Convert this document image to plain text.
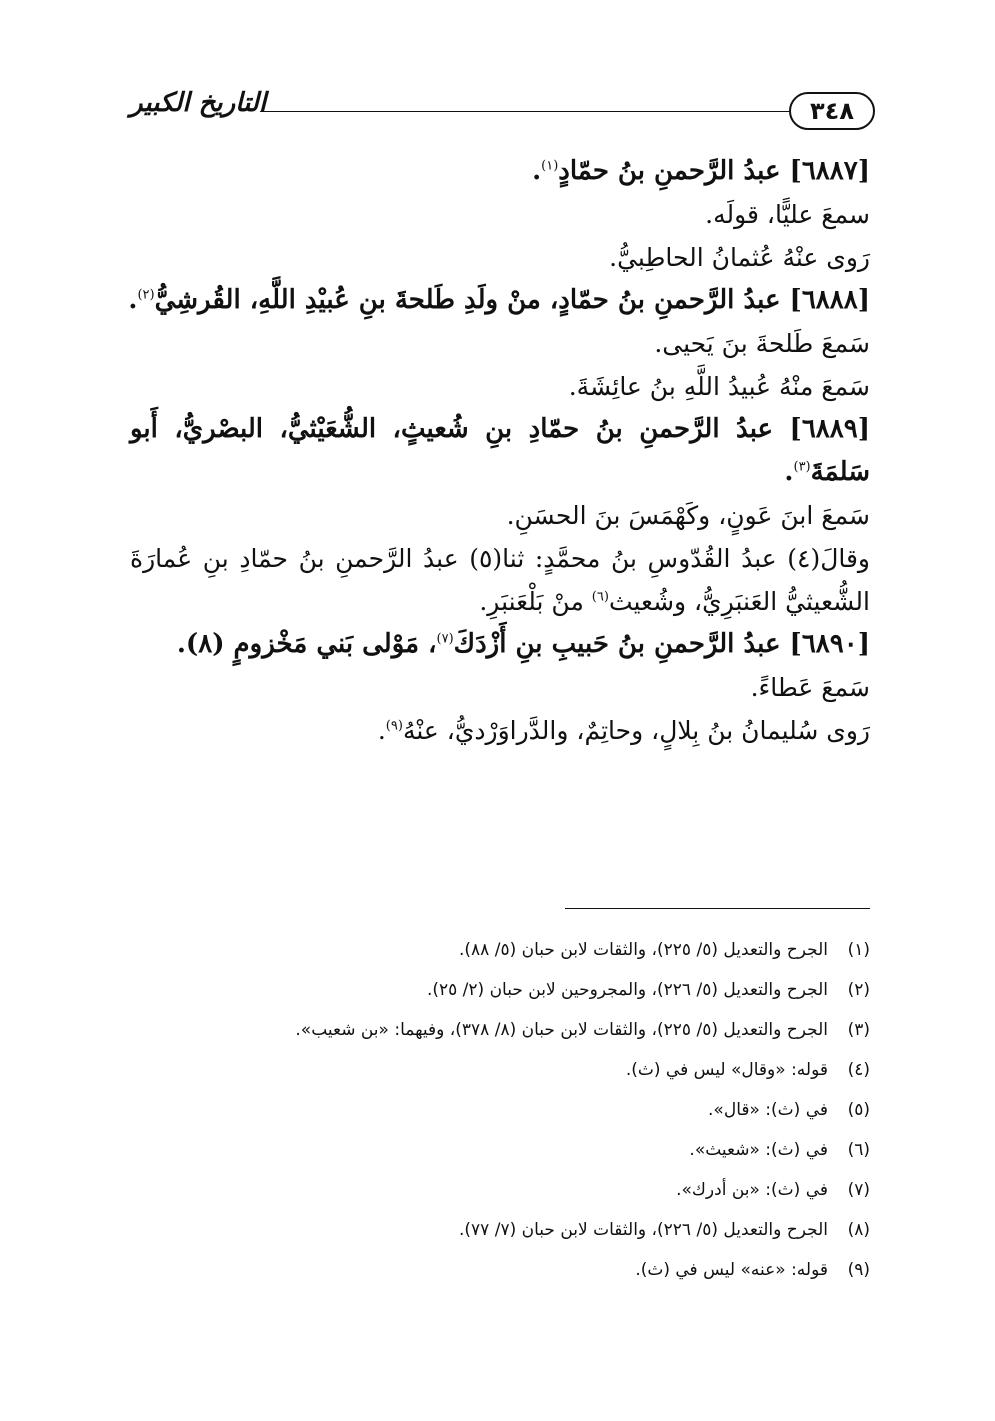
٣٤٨
التاريخ الكبير
[٦٨٨٧] عبدُ الرَّحمنِ بنُ حمّادٍ$^{(١)}$.
سمعَ عليًّا، قولَه.
رَوى عنْهُ عُثمانُ الحاطِبيُّ.
[٦٨٨٨] عبدُ الرَّحمنِ بنُ حمّادٍ، منْ ولَدِ طَلحةَ بنِ عُبيْدِ اللَّهِ، القُرشِيُّ$^{(٢)}$.
سَمعَ طَلحةَ بنَ يَحيى.
سَمعَ منْهُ عُبيدُ اللَّهِ بنُ عائِشَةَ.
[٦٨٨٩] عبدُ الرَّحمنِ بنُ حمّادِ بنِ شُعيثٍ، الشُّعَيْثيُّ، البصْريُّ، أَبو
سَلمَةَ$^{(٣)}$.
سَمعَ ابنَ عَونٍ، وكَهْمَسَ بنَ الحسَنِ.
وقالَ(٤) عبدُ القُدّوسِ بنُ محمَّدٍ: ثنا(٥) عبدُ الرَّحمنِ بنُ حمّادِ بنِ عُمارَةَ
الشُّعيثيُّ العَنبَرِيُّ، وشُعيث$^{(٦)}$ منْ بَلْعَنبَرِ.
[٦٨٩٠] عبدُ الرَّحمنِ بنُ حَبيبِ بنِ أَزْدَكَ$^{(٧)}$، مَوْلى بَني مَخْزومٍ (٨).
سَمعَ عَطاءً.
رَوى سُليمانُ بنُ بِلالٍ، وحاتِمٌ، والدَّراوَرْديُّ، عنْهُ$^{(٩)}$.
(١)الجرح والتعديل (٥/ ٢٢٥)، والثقات لابن حبان (٥/ ٨٨).
(٢)الجرح والتعديل (٥/ ٢٢٦)، والمجروحين لابن حبان (٢/ ٢٥).
(٣)الجرح والتعديل (٥/ ٢٢٥)، والثقات لابن حبان (٨/ ٣٧٨)، وفيهما: «بن شعيب».
(٤)قوله: «وقال» ليس في (ث).
(٥)في (ث): «قال».
(٦)في (ث): «شعيث».
(٧)في (ث): «بن أدرك».
(٨)الجرح والتعديل (٥/ ٢٢٦)، والثقات لابن حبان (٧/ ٧٧).
(٩)قوله: «عنه» ليس في (ث).
